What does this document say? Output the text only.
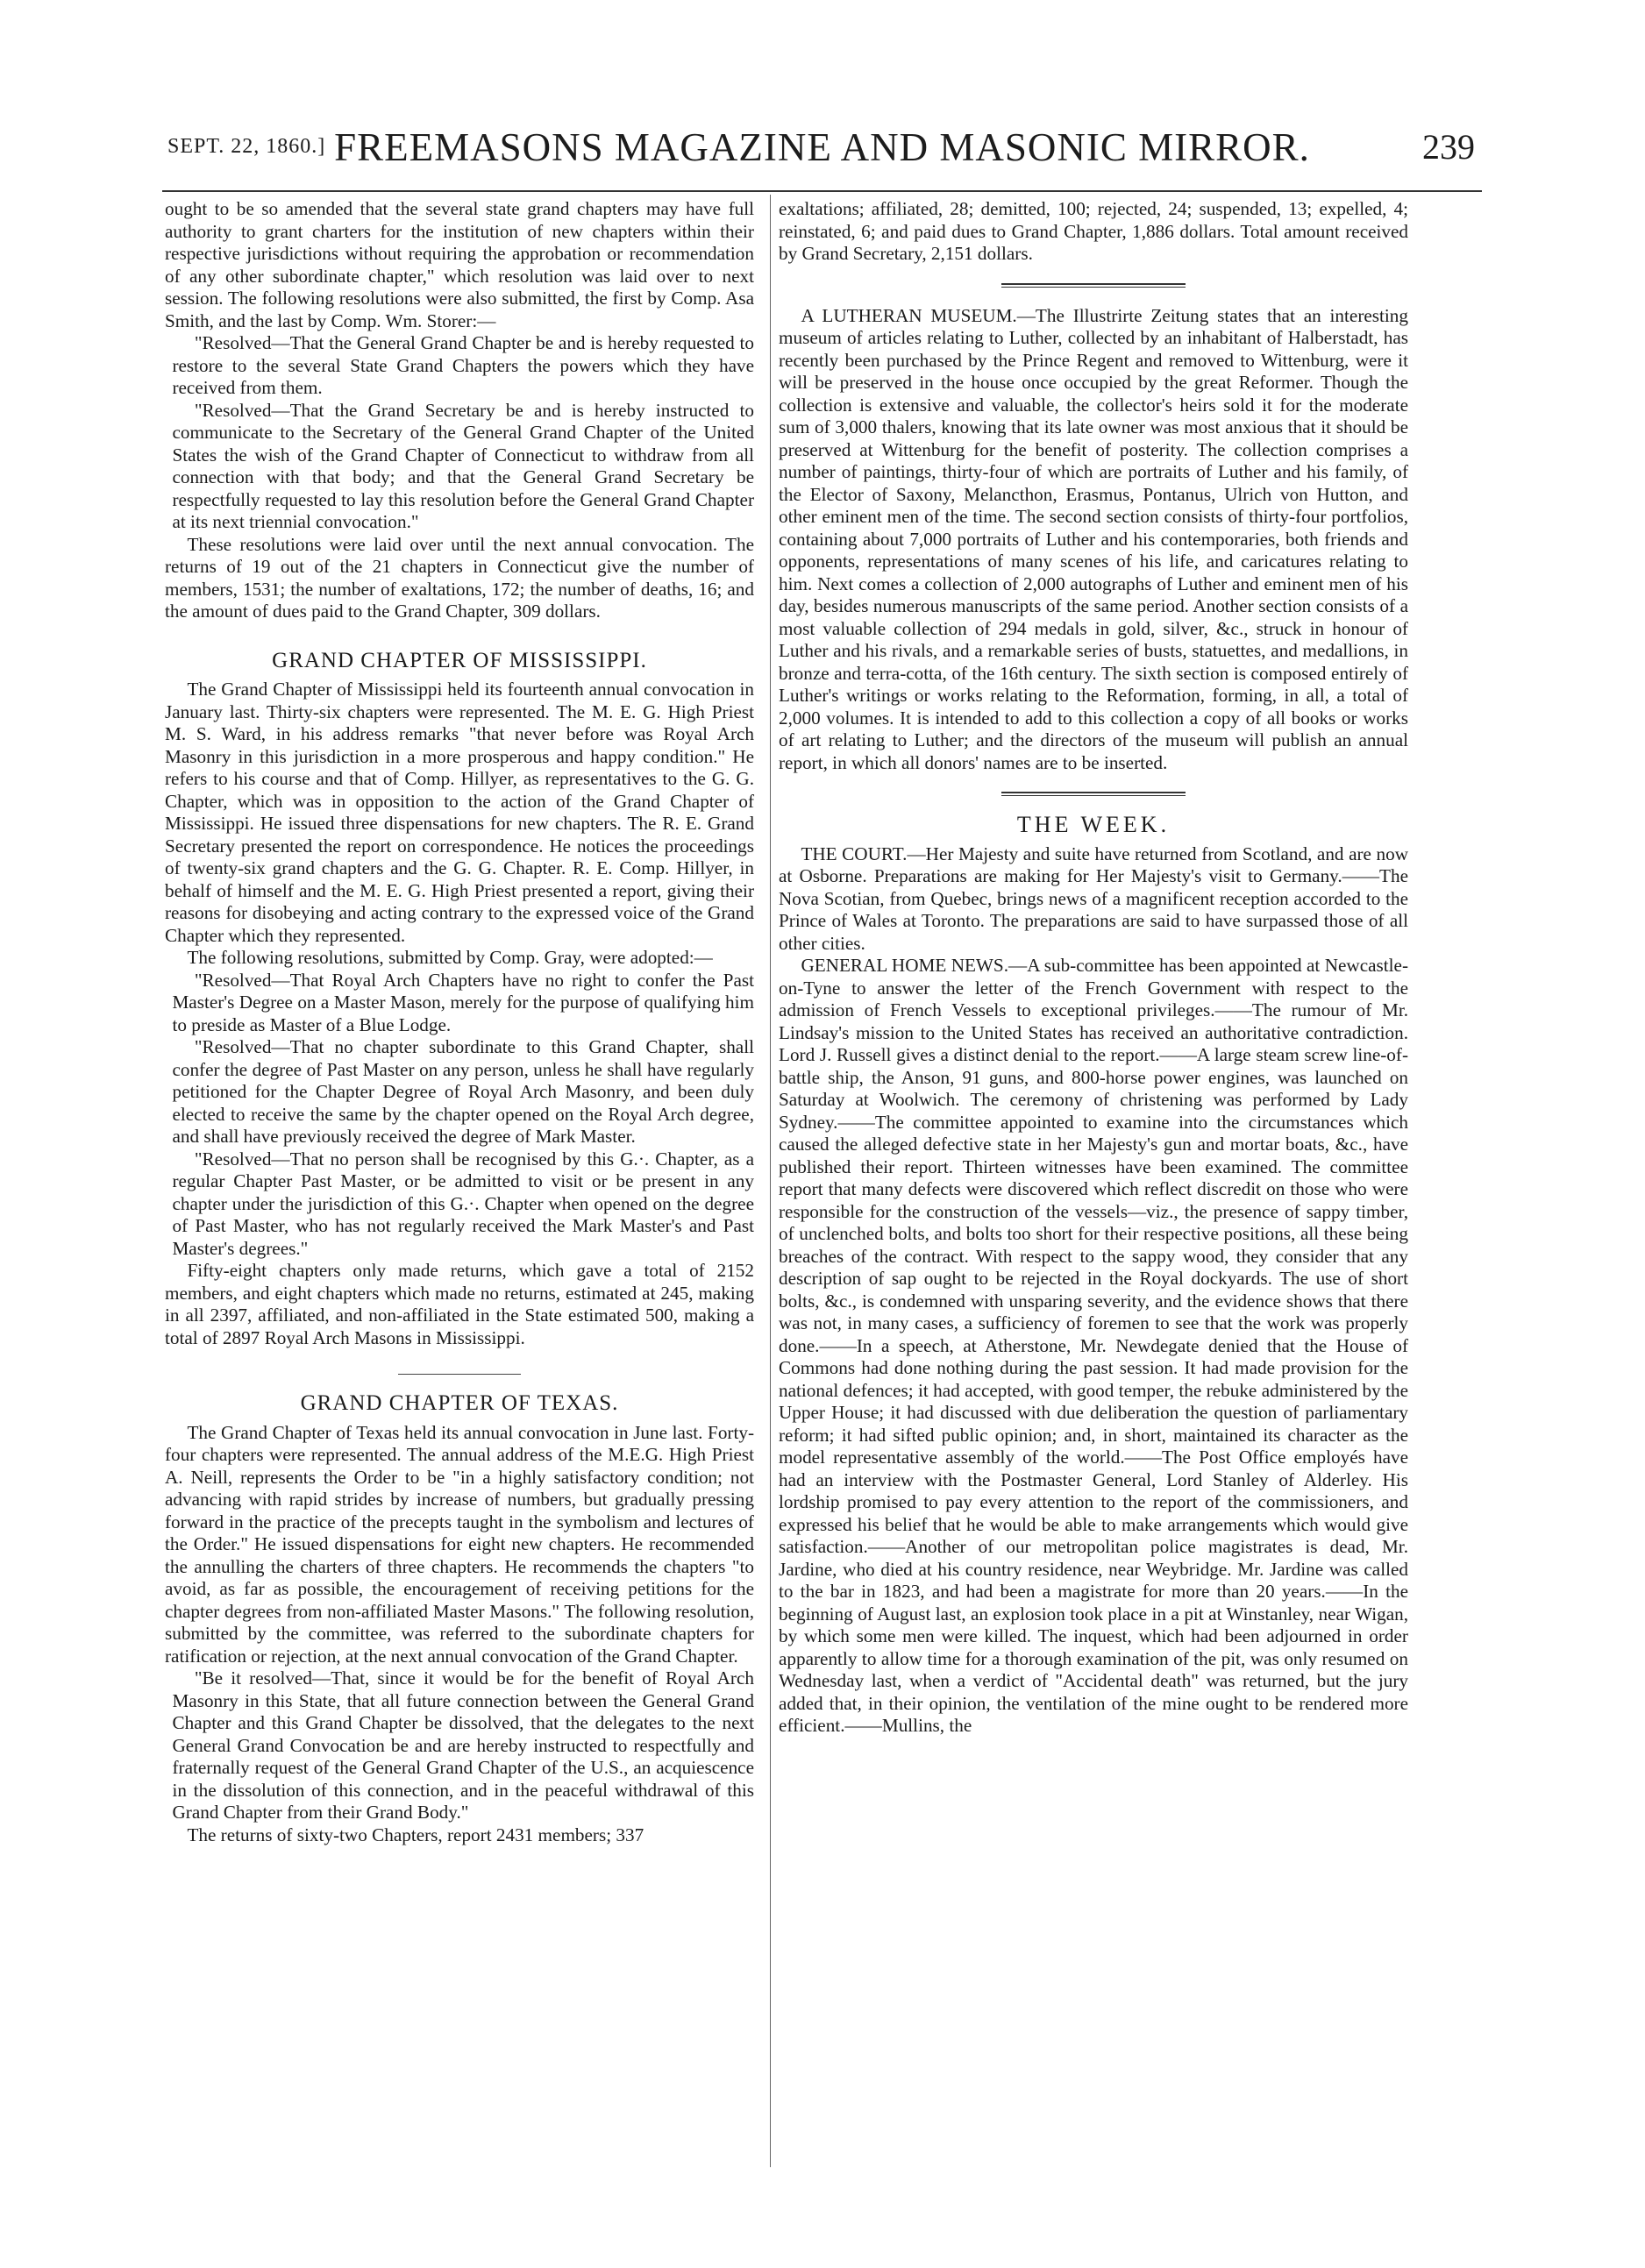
SEPT. 22, 1860.] FREEMASONS MAGAZINE AND MASONIC MIRROR.	239

ought to be so amended that the several state grand chapters may have full authority to grant charters for the institution of new chapters within their respective jurisdictions without requiring the approbation or recommendation of any other subordinate chapter," which resolution was laid over to next session. The following resolutions were also submitted, the first by Comp. Asa Smith, and the last by Comp. Wm. Storer:—

"Resolved—That the General Grand Chapter be and is hereby requested to restore to the several State Grand Chapters the powers which they have received from them.

"Resolved—That the Grand Secretary be and is hereby instructed to communicate to the Secretary of the General Grand Chapter of the United States the wish of the Grand Chapter of Connecticut to withdraw from all connection with that body; and that the General Grand Secretary be respectfully requested to lay this resolution before the General Grand Chapter at its next triennial convocation."

These resolutions were laid over until the next annual convocation. The returns of 19 out of the 21 chapters in Connecticut give the number of members, 1531; the number of exaltations, 172; the number of deaths, 16; and the amount of dues paid to the Grand Chapter, 309 dollars.

GRAND CHAPTER OF MISSISSIPPI.

The Grand Chapter of Mississippi held its fourteenth annual convocation in January last. Thirty-six chapters were represented. The M. E. G. High Priest M. S. Ward, in his address remarks "that never before was Royal Arch Masonry in this jurisdiction in a more prosperous and happy condition." He refers to his course and that of Comp. Hillyer, as representatives to the G. G. Chapter, which was in opposition to the action of the Grand Chapter of Mississippi. He issued three dispensations for new chapters. The R. E. Grand Secretary presented the report on correspondence. He notices the proceedings of twenty-six grand chapters and the G. G. Chapter. R. E. Comp. Hillyer, in behalf of himself and the M. E. G. High Priest presented a report, giving their reasons for disobeying and acting contrary to the expressed voice of the Grand Chapter which they represented.

The following resolutions, submitted by Comp. Gray, were adopted:—

"Resolved—That Royal Arch Chapters have no right to confer the Past Master's Degree on a Master Mason, merely for the purpose of qualifying him to preside as Master of a Blue Lodge.

"Resolved—That no chapter subordinate to this Grand Chapter, shall confer the degree of Past Master on any person, unless he shall have regularly petitioned for the Chapter Degree of Royal Arch Masonry, and been duly elected to receive the same by the chapter opened on the Royal Arch degree, and shall have previously received the degree of Mark Master.

"Resolved—That no person shall be recognised by this G.·. Chapter, as a regular Chapter Past Master, or be admitted to visit or be present in any chapter under the jurisdiction of this G.·. Chapter when opened on the degree of Past Master, who has not regularly received the Mark Master's and Past Master's degrees."

Fifty-eight chapters only made returns, which gave a total of 2152 members, and eight chapters which made no returns, estimated at 245, making in all 2397, affiliated, and non-affiliated in the State estimated 500, making a total of 2897 Royal Arch Masons in Mississippi.

GRAND CHAPTER OF TEXAS.

The Grand Chapter of Texas held its annual convocation in June last. Forty-four chapters were represented. The annual address of the M.E.G. High Priest A. Neill, represents the Order to be "in a highly satisfactory condition; not advancing with rapid strides by increase of numbers, but gradually pressing forward in the practice of the precepts taught in the symbolism and lectures of the Order." He issued dispensations for eight new chapters. He recommended the annulling the charters of three chapters. He recommends the chapters "to avoid, as far as possible, the encouragement of receiving petitions for the chapter degrees from non-affiliated Master Masons." The following resolution, submitted by the committee, was referred to the subordinate chapters for ratification or rejection, at the next annual convocation of the Grand Chapter.

"Be it resolved—That, since it would be for the benefit of Royal Arch Masonry in this State, that all future connection between the General Grand Chapter and this Grand Chapter be dissolved, that the delegates to the next General Grand Convocation be and are hereby instructed to respectfully and fraternally request of the General Grand Chapter of the U.S., an acquiescence in the dissolution of this connection, and in the peaceful withdrawal of this Grand Chapter from their Grand Body."

The returns of sixty-two Chapters, report 2431 members; 337

exaltations; affiliated, 28; demitted, 100; rejected, 24; suspended, 13; expelled, 4; reinstated, 6; and paid dues to Grand Chapter, 1,886 dollars. Total amount received by Grand Secretary, 2,151 dollars.

A LUTHERAN MUSEUM.—The Illustrirte Zeitung states that an interesting museum of articles relating to Luther, collected by an inhabitant of Halberstadt, has recently been purchased by the Prince Regent and removed to Wittenburg, were it will be preserved in the house once occupied by the great Reformer. Though the collection is extensive and valuable, the collector's heirs sold it for the moderate sum of 3,000 thalers, knowing that its late owner was most anxious that it should be preserved at Wittenburg for the benefit of posterity. The collection comprises a number of paintings, thirty-four of which are portraits of Luther and his family, of the Elector of Saxony, Melancthon, Erasmus, Pontanus, Ulrich von Hutton, and other eminent men of the time. The second section consists of thirty-four portfolios, containing about 7,000 portraits of Luther and his contemporaries, both friends and opponents, representations of many scenes of his life, and caricatures relating to him. Next comes a collection of 2,000 autographs of Luther and eminent men of his day, besides numerous manuscripts of the same period. Another section consists of a most valuable collection of 294 medals in gold, silver, &c., struck in honour of Luther and his rivals, and a remarkable series of busts, statuettes, and medallions, in bronze and terra-cotta, of the 16th century. The sixth section is composed entirely of Luther's writings or works relating to the Reformation, forming, in all, a total of 2,000 volumes. It is intended to add to this collection a copy of all books or works of art relating to Luther; and the directors of the museum will publish an annual report, in which all donors' names are to be inserted.

THE WEEK.

THE COURT.—Her Majesty and suite have returned from Scotland, and are now at Osborne. Preparations are making for Her Majesty's visit to Germany.——The Nova Scotian, from Quebec, brings news of a magnificent reception accorded to the Prince of Wales at Toronto. The preparations are said to have surpassed those of all other cities.

GENERAL HOME NEWS.—A sub-committee has been appointed at Newcastle-on-Tyne to answer the letter of the French Government with respect to the admission of French Vessels to exceptional privileges.——The rumour of Mr. Lindsay's mission to the United States has received an authoritative contradiction. Lord J. Russell gives a distinct denial to the report.——A large steam screw line-of-battle ship, the Anson, 91 guns, and 800-horse power engines, was launched on Saturday at Woolwich. The ceremony of christening was performed by Lady Sydney.——The committee appointed to examine into the circumstances which caused the alleged defective state in her Majesty's gun and mortar boats, &c., have published their report. Thirteen witnesses have been examined. The committee report that many defects were discovered which reflect discredit on those who were responsible for the construction of the vessels—viz., the presence of sappy timber, of unclenched bolts, and bolts too short for their respective positions, all these being breaches of the contract. With respect to the sappy wood, they consider that any description of sap ought to be rejected in the Royal dockyards. The use of short bolts, &c., is condemned with unsparing severity, and the evidence shows that there was not, in many cases, a sufficiency of foremen to see that the work was properly done.——In a speech, at Atherstone, Mr. Newdegate denied that the House of Commons had done nothing during the past session. It had made provision for the national defences; it had accepted, with good temper, the rebuke administered by the Upper House; it had discussed with due deliberation the question of parliamentary reform; it had sifted public opinion; and, in short, maintained its character as the model representative assembly of the world.——The Post Office employés have had an interview with the Postmaster General, Lord Stanley of Alderley. His lordship promised to pay every attention to the report of the commissioners, and expressed his belief that he would be able to make arrangements which would give satisfaction.——Another of our metropolitan police magistrates is dead, Mr. Jardine, who died at his country residence, near Weybridge. Mr. Jardine was called to the bar in 1823, and had been a magistrate for more than 20 years.——In the beginning of August last, an explosion took place in a pit at Winstanley, near Wigan, by which some men were killed. The inquest, which had been adjourned in order apparently to allow time for a thorough examination of the pit, was only resumed on Wednesday last, when a verdict of "Accidental death" was returned, but the jury added that, in their opinion, the ventilation of the mine ought to be rendered more efficient.——Mullins, the
